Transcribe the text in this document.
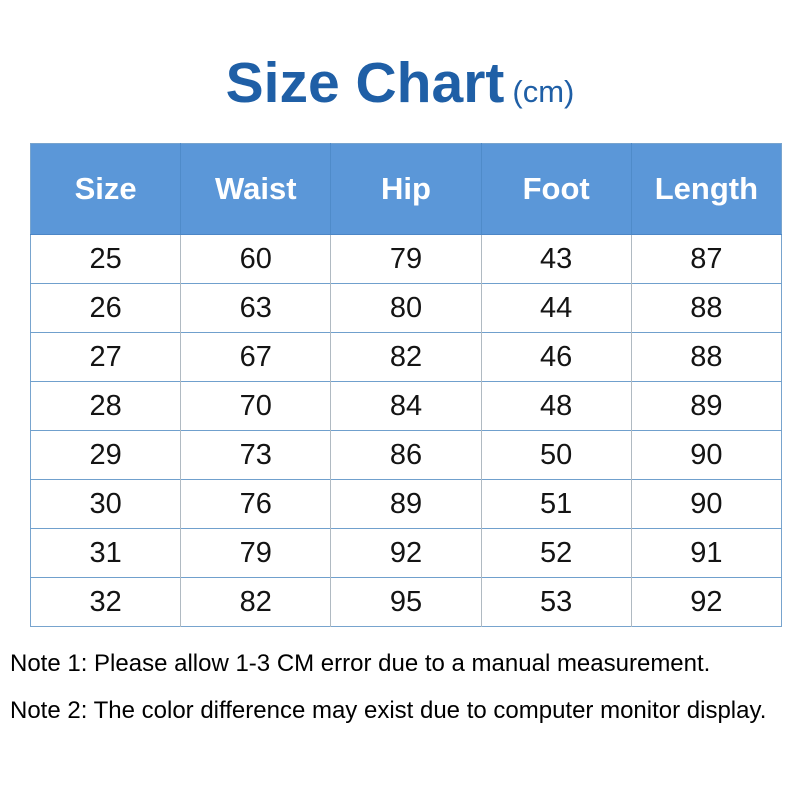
Size Chart (cm)
Size	Waist	Hip	Foot	Length
25	60	79	43	87
26	63	80	44	88
27	67	82	46	88
28	70	84	48	89
29	73	86	50	90
30	76	89	51	90
31	79	92	52	91
32	82	95	53	92

Note 1: Please allow 1-3 CM error due to a manual measurement.

Note 2: The color difference may exist due to computer monitor display.
